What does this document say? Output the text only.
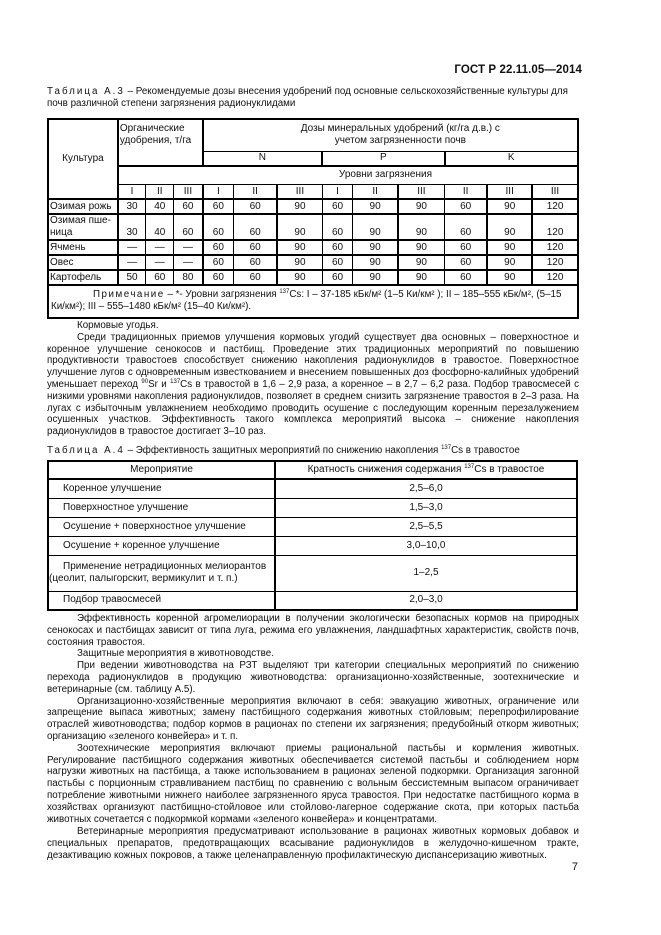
ГОСТ Р 22.11.05—2014
Таблица А.3 – Рекомендуемые дозы внесения удобрений под основные сельскохозяйственные культуры для почв различной степени загрязнения радионуклидами
Культура	Органические удобрения, т/га			Дозы минеральных удобрений (кг/га д.в.) с учетом загрязненности почв								
				N			P			K		
	Уровни загрязнения											
	I	II	III	I	II	III	I	II	III	II	III	III
Озимая рожь	30	40	60	60	60	90	60	90	90	60	90	120
Озимая пше-
ница	30	40	60	60	60	90	60	90	90	60	90	120
Ячмень	—	—	—	60	60	90	60	90	90	60	90	120
Овес	—	—	—	60	60	90	60	90	90	60	90	120
Картофель	50	60	80	60	60	90	60	90	90	60	90	120
Примечание – *- Уровни загрязнения $^{137}$Cs: I – 37-185 кБк/м² (1–5 Ки/км² ); II – 185–555 кБк/м², (5–15 Ки/км²); III – 555–1480 кБк/м² (15–40 Ки/км²).												

Кормовые угодья.

Среди традиционных приемов улучшения кормовых угодий существует два основных – поверхностное и коренное улучшение сенокосов и пастбищ. Проведение этих традиционных мероприятий по повышению продуктивности травостоев способствует снижению накопления радионуклидов в травостое. Поверхностное улучшение лугов с одновременным известкованием и внесением повышенных доз фосфорно-калийных удобрений уменьшает переход $^{90}$Sr и $^{137}$Cs в травостой в 1,6 – 2,9 раза, а коренное – в 2,7 – 6,2 раза. Подбор травосмесей с низкими уровнями накопления радионуклидов, позволяет в среднем снизить загрязнение травостоя в 2–3 раза. На лугах с избыточным увлажнением необходимо проводить осушение с последующим коренным перезалужением осушенных участков. Эффективность такого комплекса мероприятий высока – снижение накопления радионуклидов в травостое достигает 3–10 раз.

Таблица А.4 – Эффективность защитных мероприятий по снижению накопления $^{137}$Cs в травостое
Мероприятие	Кратность снижения содержания $^{137}$Cs в травостое
Коренное улучшение	2,5–6,0
Поверхностное улучшение	1,5–3,0
Осушение + поверхностное улучшение	2,5–5,5
Осушение + коренное улучшение	3,0–10,0

Применение нетрадиционных мелиорантов
(цеолит, палыгорскит, вермикулит и т. п.)	1–2,5
Подбор травосмесей	2,0–3,0

Эффективность коренной агромелиорации в получении экологически безопасных кормов на природных сенокосах и пастбищах зависит от типа луга, режима его увлажнения, ландшафтных характеристик, свойств почв, состояния травостоя.

Защитные мероприятия в животноводстве.

При ведении животноводства на РЗТ выделяют три категории специальных мероприятий по снижению перехода радионуклидов в продукцию животноводства: организационно-хозяйственные, зоотехнические и ветеринарные (см. таблицу А.5).

Организационно-хозяйственные мероприятия включают в себя: эвакуацию животных, ограничение или запрещение выпаса животных; замену пастбищного содержания животных стойловым; перепрофилирование отраслей животноводства; подбор кормов в рационах по степени их загрязнения; предубойный откорм животных; организацию «зеленого конвейера» и т. п.

Зоотехнические мероприятия включают приемы рациональной пастьбы и кормления животных. Регулирование пастбищного содержания животных обеспечивается системой пастьбы и соблюдением норм нагрузки животных на пастбища, а также использованием в рационах зеленой подкормки. Организация загонной пастьбы с порционным стравливанием пастбищ по сравнению с вольным бессистемным выпасом ограничивает потребление животными нижнего наиболее загрязненного яруса травостоя. При недостатке пастбищного корма в хозяйствах организуют пастбищно-стойловое или стойлово-лагерное содержание скота, при которых пастьба животных сочетается с подкормкой кормами «зеленого конвейера» и концентратами.

Ветеринарные мероприятия предусматривают использование в рационах животных кормовых добавок и специальных препаратов, предотвращающих всасывание радионуклидов в желудочно-кишечном тракте, дезактивацию кожных покровов, а также целенаправленную профилактическую диспансеризацию животных.

7
